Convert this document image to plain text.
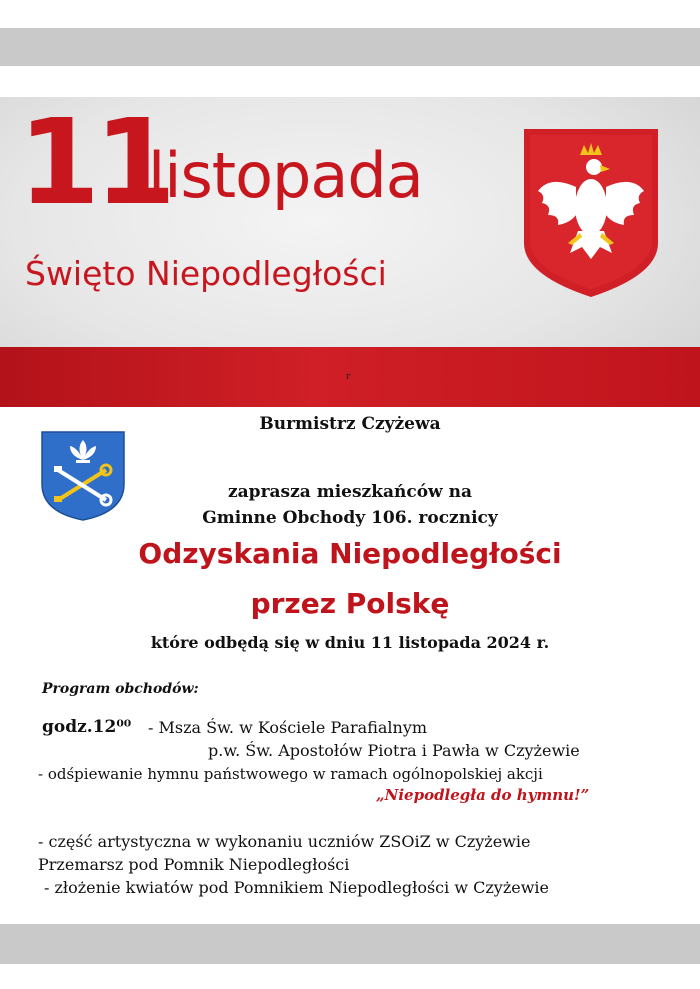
11
listopada
Święto Niepodległości
r
Burmistrz Czyżewa
zaprasza mieszkańców na
Gminne Obchody 106. rocznicy
Odzyskania Niepodległości
przez Polskę
które odbędą się w dniu 11 listopada 2024 r.
Program obchodów:
godz.12⁰⁰ - Msza Św. w Kościele Parafialnym
p.w. Św. Apostołów Piotra i Pawła w Czyżewie
- odśpiewanie hymnu państwowego w ramach ogólnopolskiej akcji
„Niepodległa do hymnu!”
- część artystyczna w wykonaniu uczniów ZSOiZ w Czyżewie
Przemarsz pod Pomnik Niepodległości
- złożenie kwiatów pod Pomnikiem Niepodległości w Czyżewie
